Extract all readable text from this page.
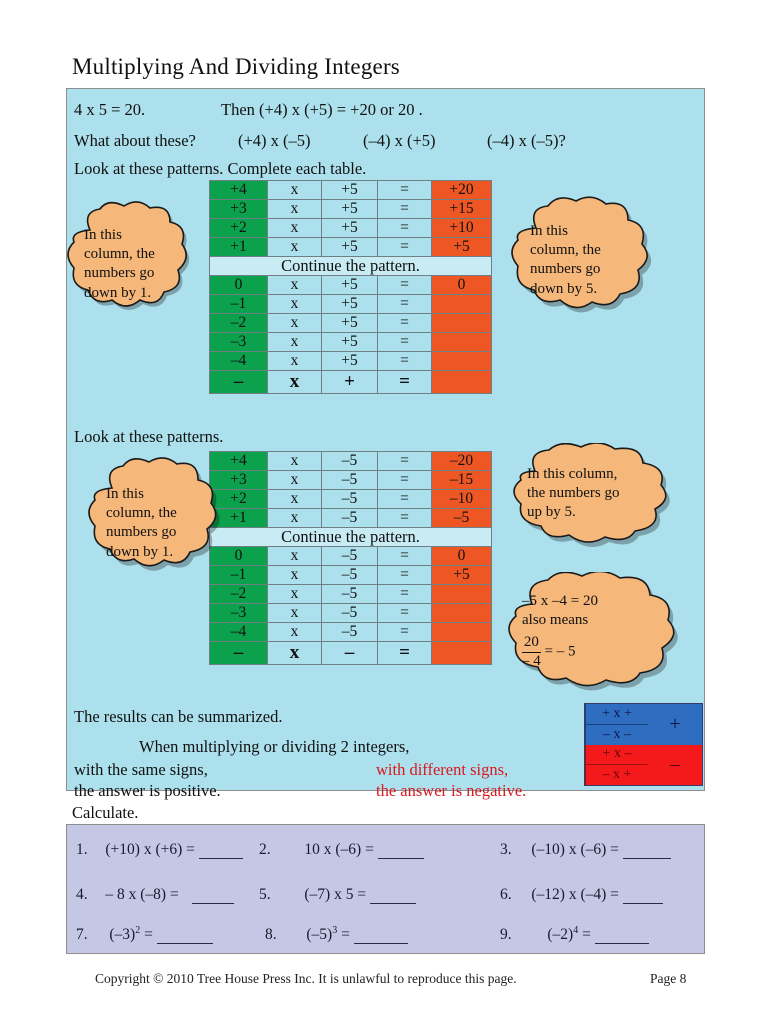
Multiplying And Dividing Integers
4 x 5 = 20.	Then (+4) x (+5) = +20 or 20 .
What about these?	(+4) x (–5)	(–4) x (+5)	(–4) x (–5)?
Look at these patterns. Complete each table.
Look at these patterns.
+4	x	+5	=	+20
+3	x	+5	=	+15
+2	x	+5	=	+10
+1	x	+5	=	+5
Continue the pattern.				
0	x	+5	=	0
–1	x	+5	=	
–2	x	+5	=	
–3	x	+5	=	
–4	x	+5	=	
–	x	+	=	
+4	x	–5	=	–20
+3	x	–5	=	–15
+2	x	–5	=	–10
+1	x	–5	=	–5
Continue the pattern.				
0	x	–5	=	0
–1	x	–5	=	+5
–2	x	–5	=	
–3	x	–5	=	
–4	x	–5	=	
–	x	–	=	
In this
column, the
numbers go
down by 1.
In this
column, the
numbers go
down by 5.
In this
column, the
numbers go
down by 1.
In this column,
the numbers go
up by 5.
–5 x –4 = 20
also means
$\frac{20}{- 4}$ = – 5
The results can be summarized.
When multiplying or dividing 2 integers,
with the same signs,
the answer is positive.
with different signs,
the answer is negative.
+ x +
– x –	+
$\frac{+ x -}{- x +}$	–
Calculate.
1. (+10) x (+6) =	2. 10 x (–6) =	3. (–10) x (–6) =
4. – 8 x (–8) =	5. (–7) x 5 =	6. (–12) x (–4) =
7. $(-3)^2$ =	8. $(-5)^3$ =	9. $(-2)^4$ =
Copyright © 2010 Tree House Press Inc. It is unlawful to reproduce this page.	Page 8
